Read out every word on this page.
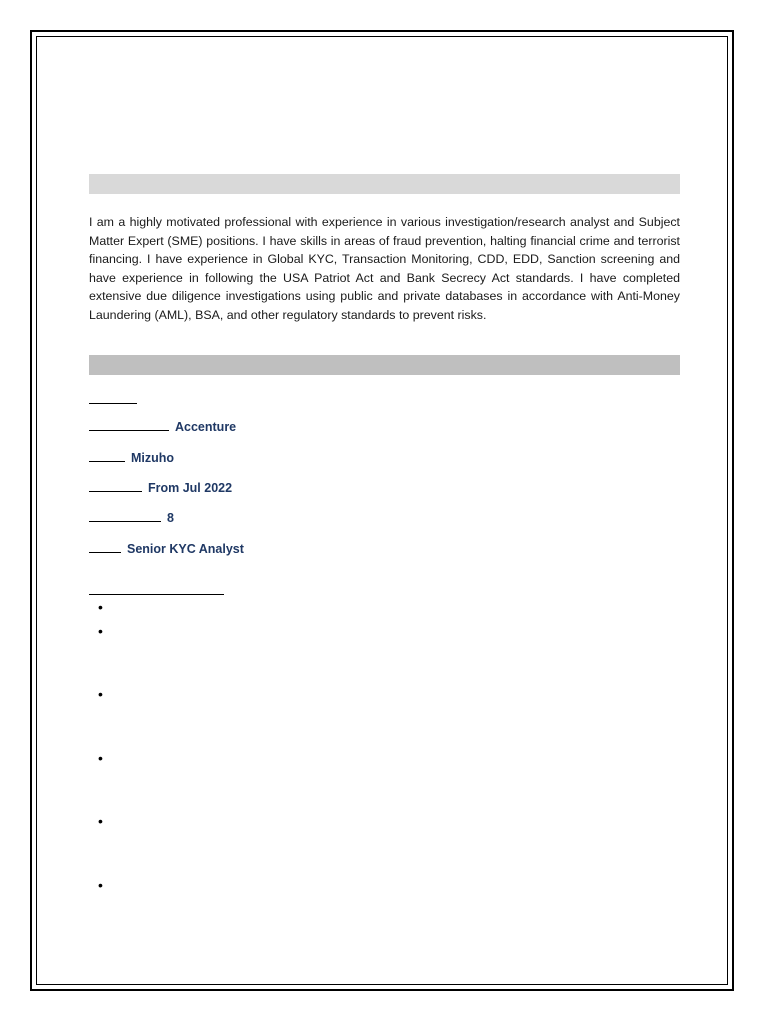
I am a highly motivated professional with experience in various investigation/research analyst and Subject Matter Expert (SME) positions. I have skills in areas of fraud prevention, halting financial crime and terrorist financing. I have experience in Global KYC, Transaction Monitoring, CDD, EDD, Sanction screening and have experience in following the USA Patriot Act and Bank Secrecy Act standards. I have completed extensive due diligence investigations using public and private databases in accordance with Anti-Money Laundering (AML), BSA, and other regulatory standards to prevent risks.

Accenture
Mizuho
From Jul 2022
8
Senior KYC Analyst
•
•
•
•
•
•
